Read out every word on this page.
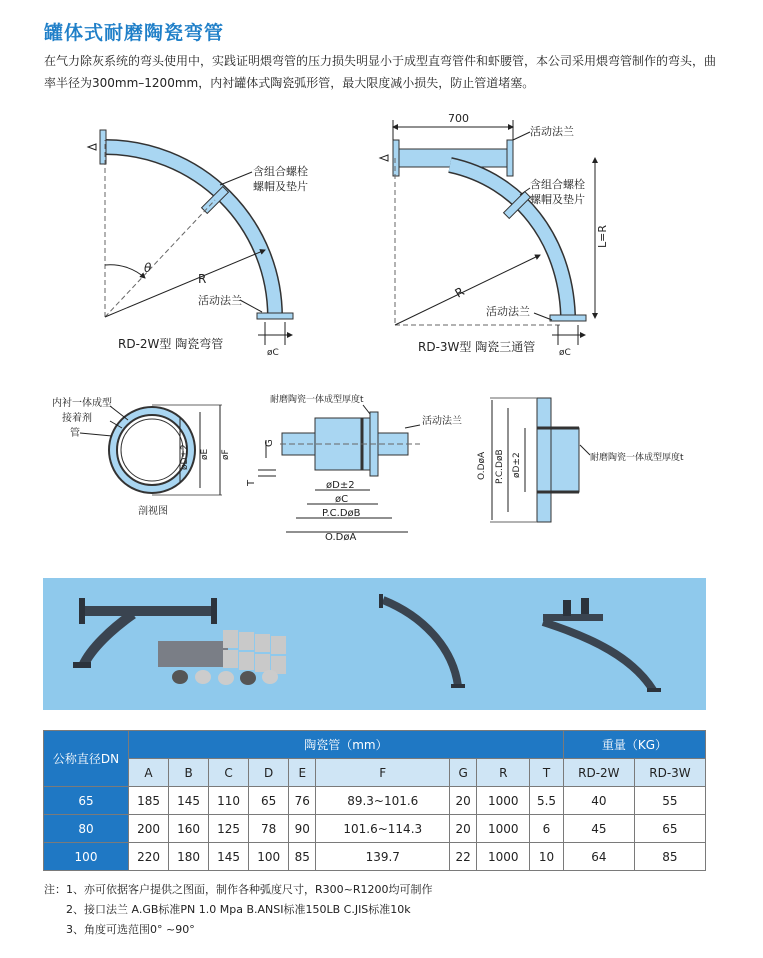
罐体式耐磨陶瓷弯管
在气力除灰系统的弯头使用中，实践证明煨弯管的压力损失明显小于成型直弯管件和虾腰管，本公司采用煨弯管制作的弯头，曲率半径为300mm–1200mm，内衬罐体式陶瓷弧形管，最大限度减小损失，防止管道堵塞。
含组合螺栓
螺帽及垫片
R
θ
活动法兰
øC
RD-2W型 陶瓷弯管
700
活动法兰
含组合螺栓
螺帽及垫片
R
L=R
活动法兰
øC
RD-3W型 陶瓷三通管
内衬一体成型
接着剂
管
øD±2 øE øF
剖视图
耐磨陶瓷一体成型厚度t
活动法兰
G
T	øD±2
øC
P.C.DøB
O.DøA
O.DøA P.C.DøB øD±2	耐磨陶瓷一体成型厚度t
公称直径DN	陶瓷管（mm）									重量（KG）	
	A	B	C	D	E	F	G	R	T	RD-2W	RD-3W
65	185	145	110	65	76	89.3~101.6	20	1000	5.5	40	55
80	200	160	125	78	90	101.6~114.3	20	1000	6	45	65
100	220	180	145	100	85	139.7	22	1000	10	64	85
注：1、亦可依据客户提供之图面，制作各种弧度尺寸，R300~R1200均可制作
2、接口法兰 A.GB标准PN 1.0 Mpa B.ANSI标准150LB C.JIS标准10k
3、角度可选范围0° ~90°
